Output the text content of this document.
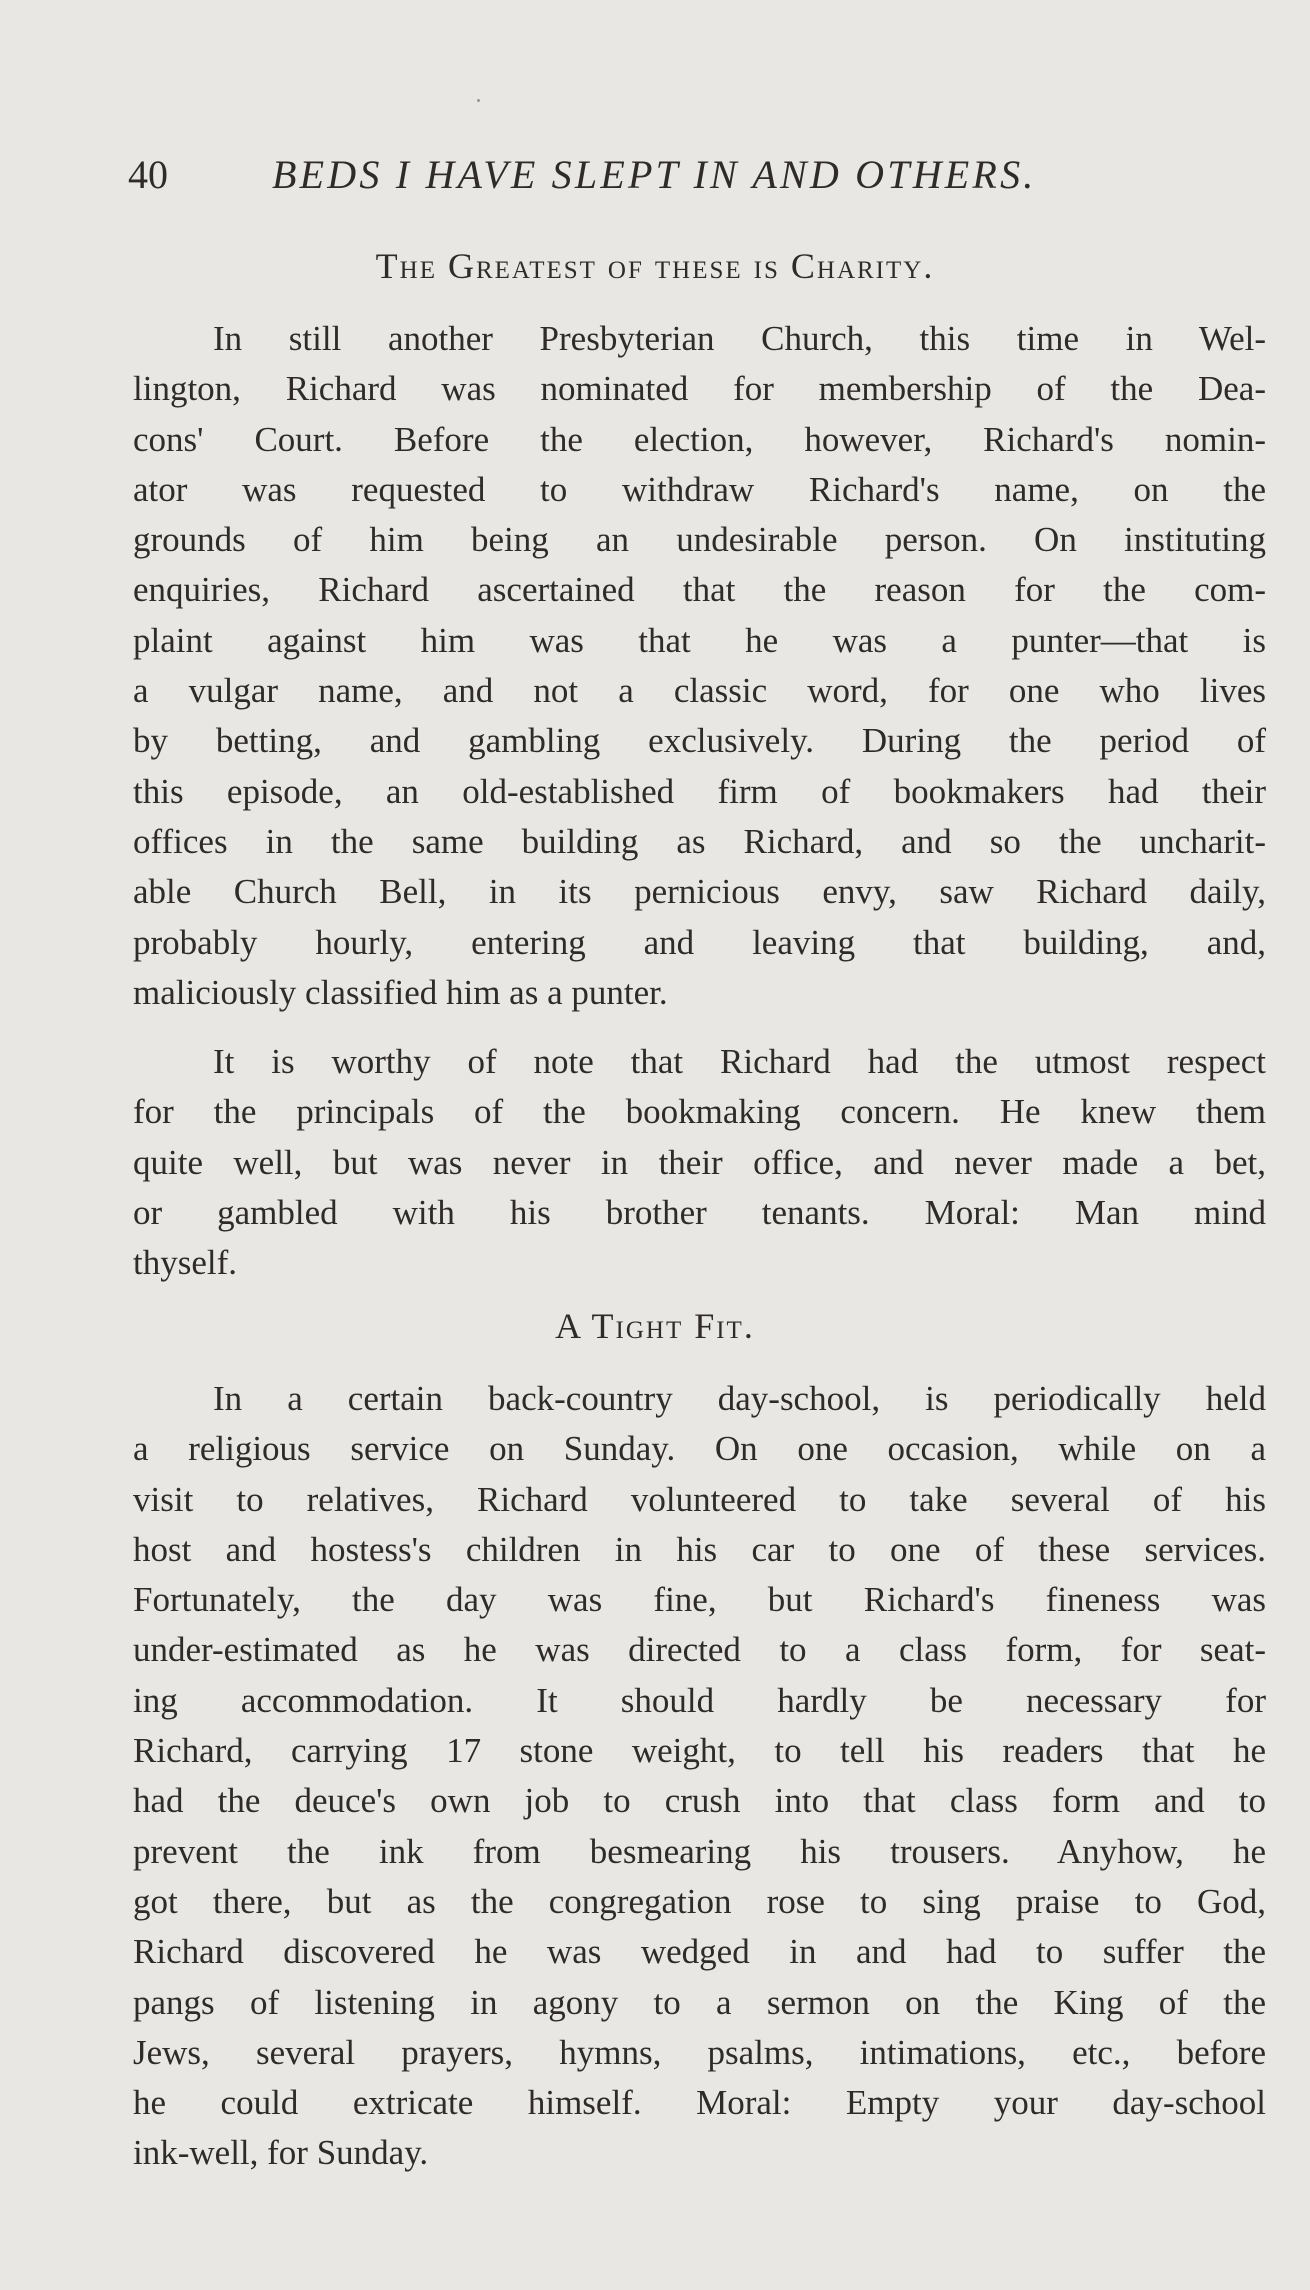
40	BEDS I HAVE SLEPT IN AND OTHERS.
The Greatest of these is Charity.
In still another Presbyterian Church, this time in Wel-
lington, Richard was nominated for membership of the Dea-
cons' Court. Before the election, however, Richard's nomin-
ator was requested to withdraw Richard's name, on the
grounds of him being an undesirable person. On instituting
enquiries, Richard ascertained that the reason for the com-
plaint against him was that he was a punter—that is
a vulgar name, and not a classic word, for one who lives
by betting, and gambling exclusively. During the period of
this episode, an old-established firm of bookmakers had their
offices in the same building as Richard, and so the uncharit-
able Church Bell, in its pernicious envy, saw Richard daily,
probably hourly, entering and leaving that building, and,
maliciously classified him as a punter.
It is worthy of note that Richard had the utmost respect
for the principals of the bookmaking concern. He knew them
quite well, but was never in their office, and never made a bet,
or gambled with his brother tenants. Moral: Man mind
thyself.
A Tight Fit.
In a certain back-country day-school, is periodically held
a religious service on Sunday. On one occasion, while on a
visit to relatives, Richard volunteered to take several of his
host and hostess's children in his car to one of these services.
Fortunately, the day was fine, but Richard's fineness was
under-estimated as he was directed to a class form, for seat-
ing accommodation. It should hardly be necessary for
Richard, carrying 17 stone weight, to tell his readers that he
had the deuce's own job to crush into that class form and to
prevent the ink from besmearing his trousers. Anyhow, he
got there, but as the congregation rose to sing praise to God,
Richard discovered he was wedged in and had to suffer the
pangs of listening in agony to a sermon on the King of the
Jews, several prayers, hymns, psalms, intimations, etc., before
he could extricate himself. Moral: Empty your day-school
ink-well, for Sunday.
